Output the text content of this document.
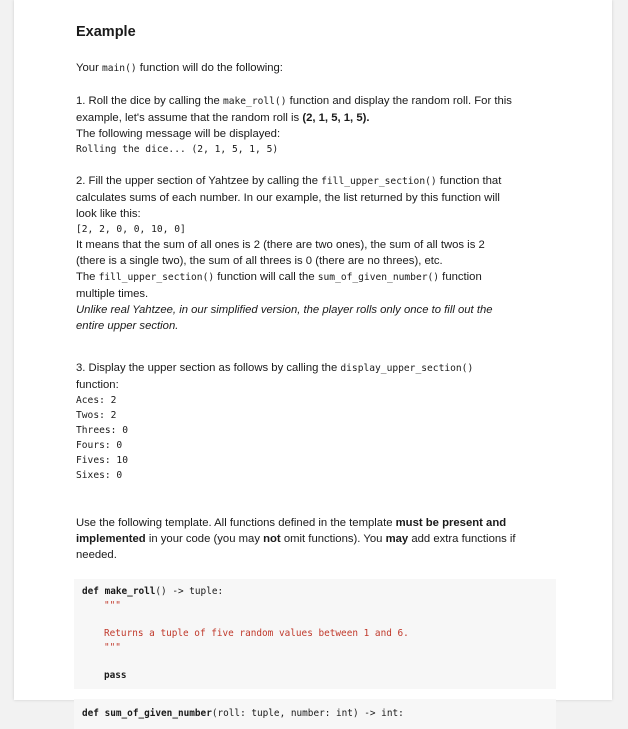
Example

Your main() function will do the following:

1. Roll the dice by calling the make_roll() function and display the random roll. For this

example, let's assume that the random roll is (2, 1, 5, 1, 5).

The following message will be displayed:

Rolling the dice... (2, 1, 5, 1, 5)

2. Fill the upper section of Yahtzee by calling the fill_upper_section() function that

calculates sums of each number. In our example, the list returned by this function will

look like this:

[2, 2, 0, 0, 10, 0]

It means that the sum of all ones is 2 (there are two ones), the sum of all twos is 2

(there is a single two), the sum of all threes is 0 (there are no threes), etc.

The fill_upper_section() function will call the sum_of_given_number() function

multiple times.

Unlike real Yahtzee, in our simplified version, the player rolls only once to fill out the

entire upper section.

3. Display the upper section as follows by calling the display_upper_section()

function:

Aces: 2
Twos: 2
Threes: 0
Fours: 0
Fives: 10
Sixes: 0

Use the following template. All functions defined in the template must be present and

implemented in your code (you may not omit functions). You may add extra functions if

needed.

def make_roll() -> tuple:
"""
Returns a tuple of five random values between 1 and 6.
"""
pass
def sum_of_given_number(roll: tuple, number: int) -> int:
